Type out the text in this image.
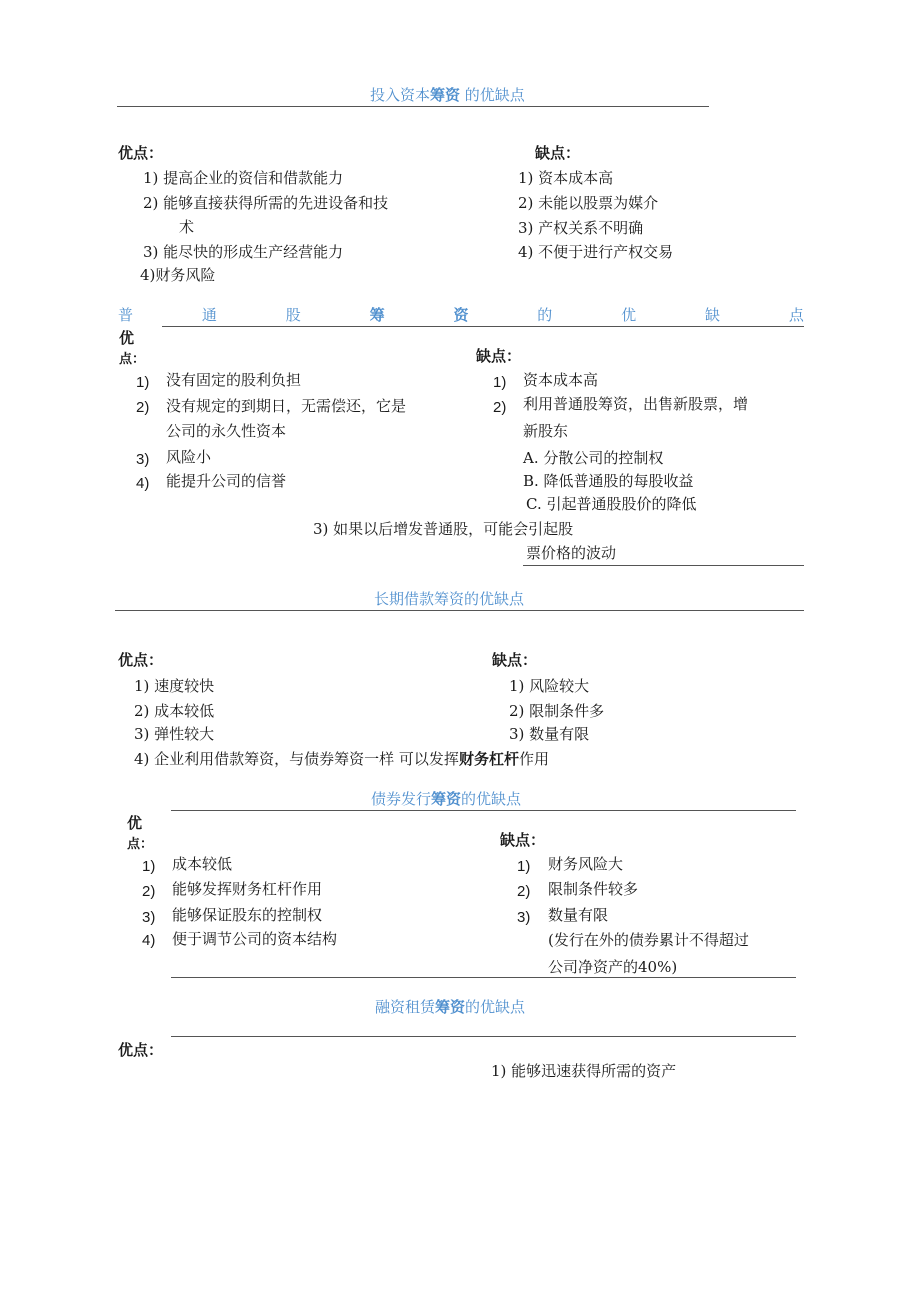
投入资本筹资 的优缺点
优点：	缺点：
1) 提高企业的资信和借款能力
2) 能够直接获得所需的先进设备和技
术
3) 能尽快的形成生产经营能力
4)财务风险
1) 资本成本高
2) 未能以股票为媒介
3) 产权关系不明确
4) 不便于进行产权交易
普	通	股	筹	资	的	优	缺	点
优
点：	缺点：
1) 没有固定的股利负担
2) 没有规定的到期日，无需偿还，它是
公司的永久性资本
3) 风险小
4) 能提升公司的信誉
1) 资本成本高
2) 利用普通股筹资，出售新股票，增
新股东
A. 分散公司的控制权
B. 降低普通股的每股收益
C. 引起普通股股价的降低
3) 如果以后增发普通股，可能会引起股
票价格的波动
长期借款筹资的优缺点
优点：	缺点：
1) 速度较快
2) 成本较低
3) 弹性较大
4) 企业利用借款筹资，与债券筹资一样 可以发挥财务杠杆作用
1) 风险较大
2) 限制条件多
3) 数量有限
债券发行筹资的优缺点
优
点：	缺点：
1) 成本较低
2) 能够发挥财务杠杆作用
3) 能够保证股东的控制权
4) 便于调节公司的资本结构
1) 财务风险大
2) 限制条件较多
3) 数量有限
(发行在外的债券累计不得超过
公司净资产的40%)
融资租赁筹资的优缺点
优点：
1) 能够迅速获得所需的资产
